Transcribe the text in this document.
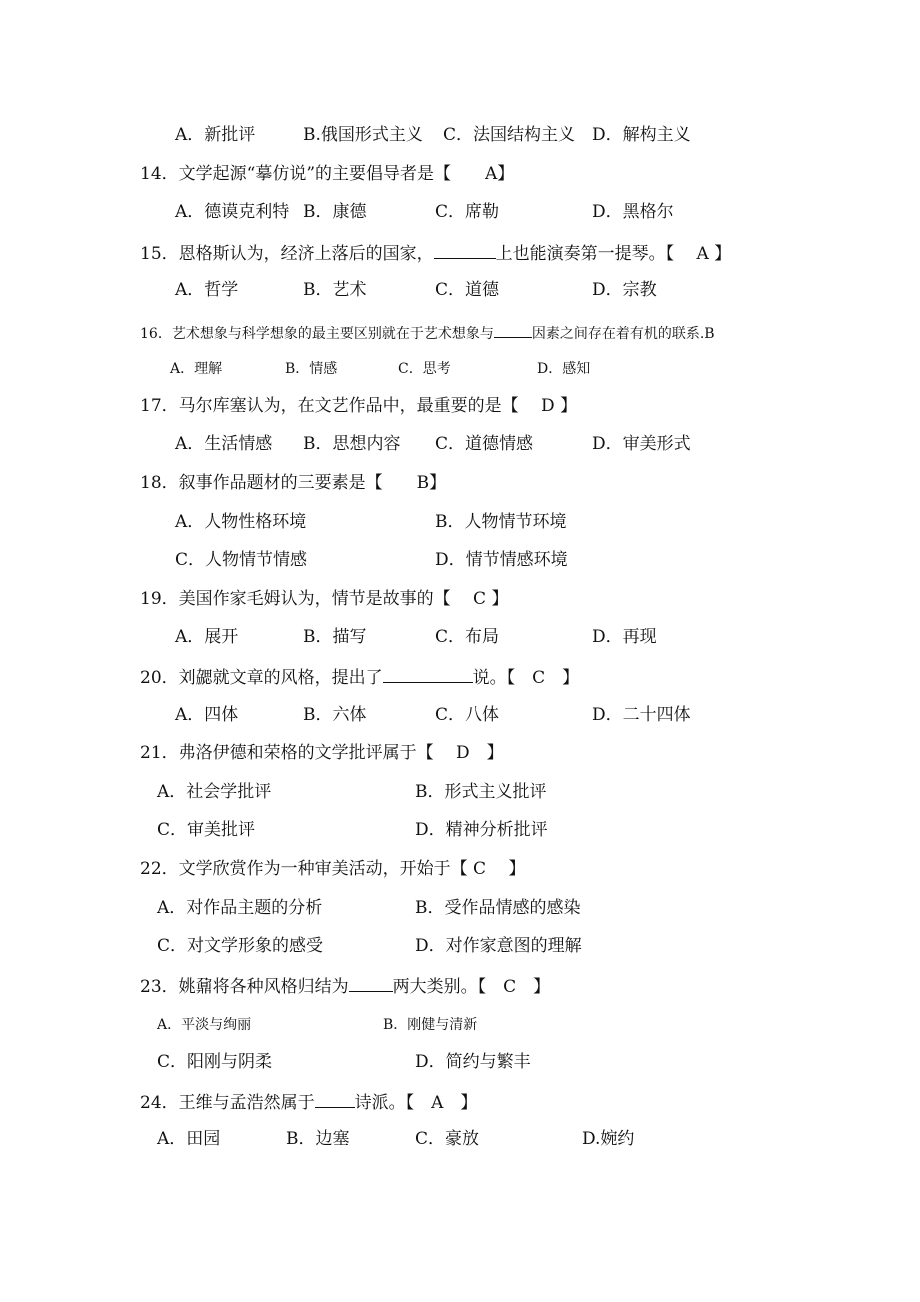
A．新批评	B.俄国形式主义 C．法国结构主义 D．解构主义
14．文学起源“摹仿说”的主要倡导者是【　　A】
A．德谟克利特 B．康德	C．席勒	D．黑格尔
15．恩格斯认为，经济上落后的国家，	上也能演奏第一提琴。【　 A 】
A．哲学	B．艺术	C．道德	D．宗教
16．艺术想象与科学想象的最主要区别就在于艺术想象与	因素之间存在着有机的联系.B
A．理解	B．情感	C．思考	D．感知
17．马尔库塞认为，在文艺作品中，最重要的是【　 D 】
A．生活情感 B．思想内容 C．道德情感	D．审美形式
18．叙事作品题材的三要素是【　　B】
A．人物性格环境	B．人物情节环境
C．人物情节情感	D．情节情感环境
19．美国作家毛姆认为，情节是故事的【　 C 】
A．展开	B．描写	C．布局	D．再现
20．刘勰就文章的风格，提出了	说。【　C　】
A．四体	B．六体	C．八体	D．二十四体
21．弗洛伊德和荣格的文学批评属于【　 D　】
A．社会学批评	B．形式主义批评
C．审美批评	D．精神分析批评
22．文学欣赏作为一种审美活动，开始于【 C　 】
A．对作品主题的分析	B．受作品情感的感染
C．对文学形象的感受	D．对作家意图的理解
23．姚鼐将各种风格归结为	两大类别。【　C　】
A．平淡与绚丽	B．刚健与清新
C．阳刚与阴柔	D．简约与繁丰
24．王维与孟浩然属于 诗派。【　A　】
A．田园	B．边塞	C．豪放	D.婉约
